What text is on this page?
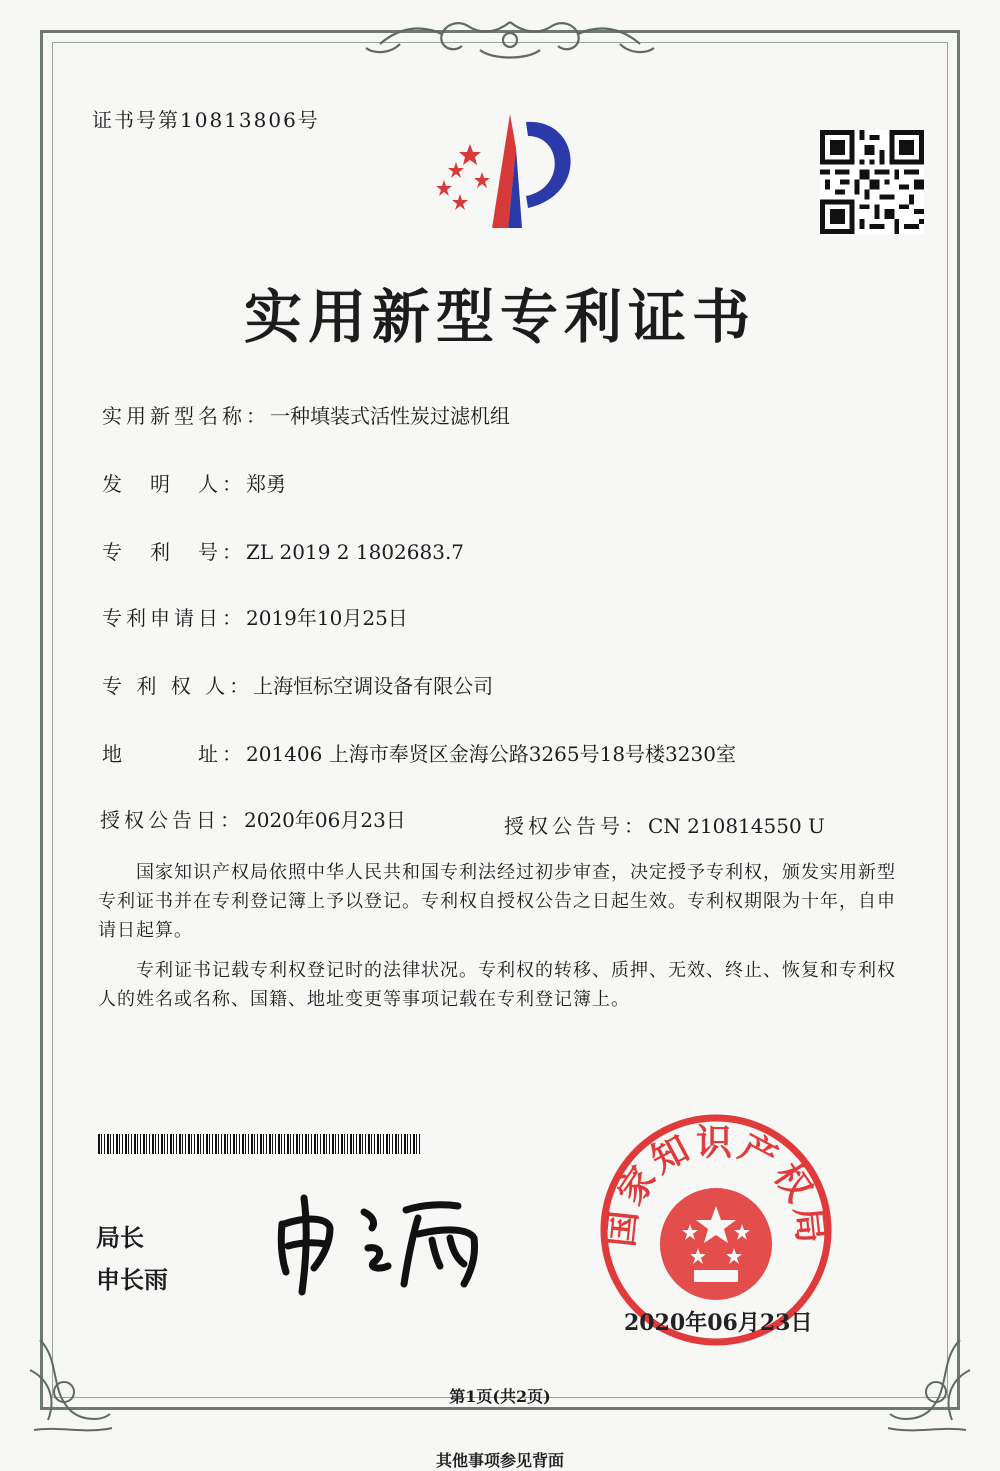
证书号第10813806号
实用新型专利证书
实用新型名称：一种填装式活性炭过滤机组
发　明　人：郑勇
专　利　号：ZL 2019 2 1802683.7
专利申请日：2019年10月25日
专 利 权 人：上海恒标空调设备有限公司
地　　　址：201406 上海市奉贤区金海公路3265号18号楼3230室
授权公告日：2020年06月23日	授权公告号：CN 210814550 U
国家知识产权局依照中华人民共和国专利法经过初步审查，决定授予专利权，颁发实用新型专利证书并在专利登记簿上予以登记。专利权自授权公告之日起生效。专利权期限为十年，自申请日起算。
专利证书记载专利权登记时的法律状况。专利权的转移、质押、无效、终止、恢复和专利权人的姓名或名称、国籍、地址变更等事项记载在专利登记簿上。
局长
申长雨
国家知识产权局
2020年06月23日
第1页(共2页)
其他事项参见背面
